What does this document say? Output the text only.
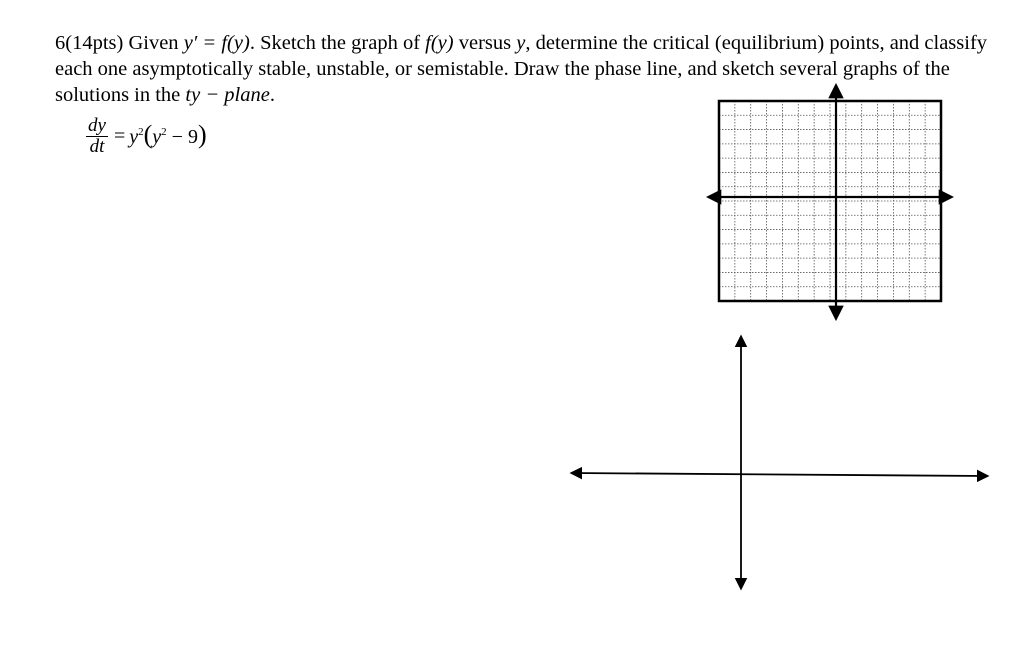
6(14pts) Given y′ = f(y). Sketch the graph of f(y) versus y, determine the critical (equilibrium) points, and classify each one asymptotically stable, unstable, or semistable. Draw the phase line, and sketch several graphs of the solutions in the ty − plane.

$\frac{dy}{dt} = y^2(y^2 - 9)$
